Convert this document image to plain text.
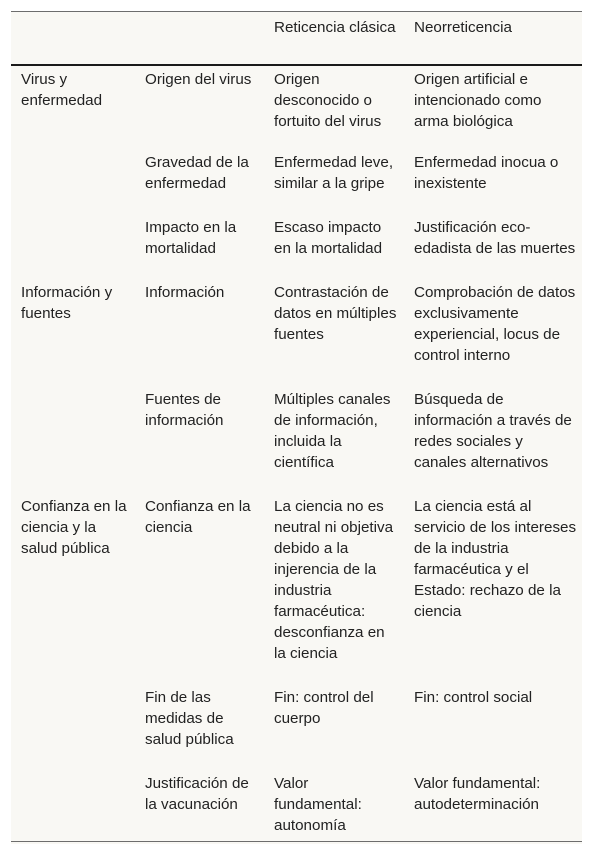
		Reticencia clásica	Neorreticencia
Virus y enfermedad	Origen del virus	Origen desconocido o fortuito del virus	Origen artificial e intencionado como arma biológica
	Gravedad de la enfermedad	Enfermedad leve, similar a la gripe	Enfermedad inocua o inexistente
	Impacto en la mortalidad	Escaso impacto en la mortalidad	Justificación eco-edadista de las muertes
Información y fuentes	Información	Contrastación de datos en múltiples fuentes	Comprobación de datos exclusivamente experiencial, locus de control interno
	Fuentes de información	Múltiples canales de información, incluida la científica	Búsqueda de información a través de redes sociales y canales alternativos
Confianza en la ciencia y la salud pública	Confianza en la ciencia	La ciencia no es neutral ni objetiva debido a la injerencia de la industria farmacéutica: desconfianza en la ciencia	La ciencia está al servicio de los intereses de la industria farmacéutica y el Estado: rechazo de la ciencia
	Fin de las medidas de salud pública	Fin: control del cuerpo	Fin: control social
	Justificación de la vacunación	Valor fundamental: autonomía	Valor fundamental: autodeterminación
